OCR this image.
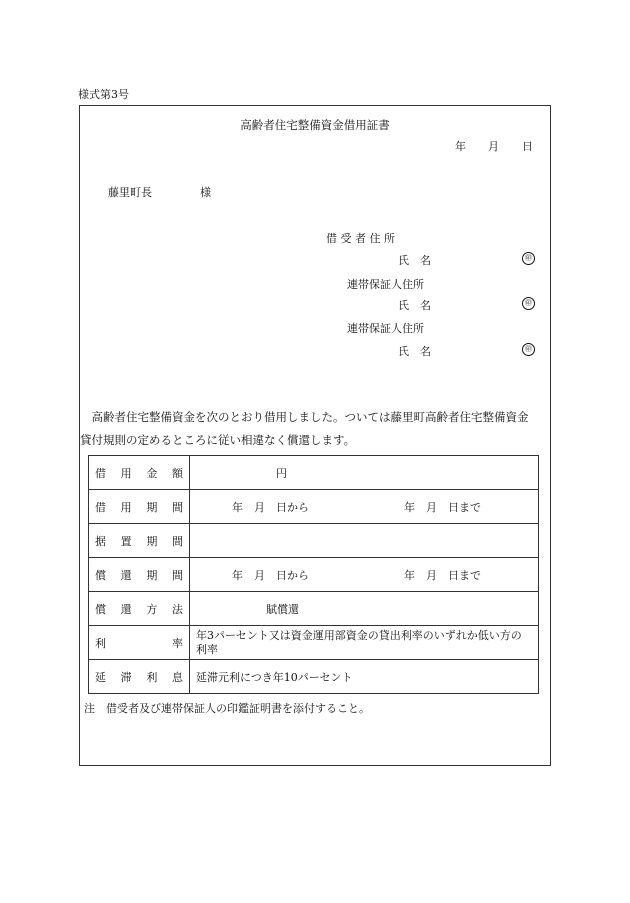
様式第3号
高齢者住宅整備資金借用証書
年 月 日
藤里町長	様
借 受 者 住 所
氏　名	㊞
連帯保証人住所
氏　名	㊞
連帯保証人住所
氏　名	㊞

高齢者住宅整備資金を次のとおり借用しました。ついては藤里町高齢者住宅整備資金

貸付規則の定めるところに従い相違なく償還します。

借 用 金 額	円

借 用 期 間	年　月　日から 年　月　日まで

据 置 期 間	

償 還 期 間	年　月　日から 年　月　日まで

償 還 方 法	賦償還

利 率	年3パーセント又は資金運用部資金の貸出利率のいずれか低い方の利率

延 滞 利 息	延滞元利につき年10パーセント
注　借受者及び連帯保証人の印鑑証明書を添付すること。
